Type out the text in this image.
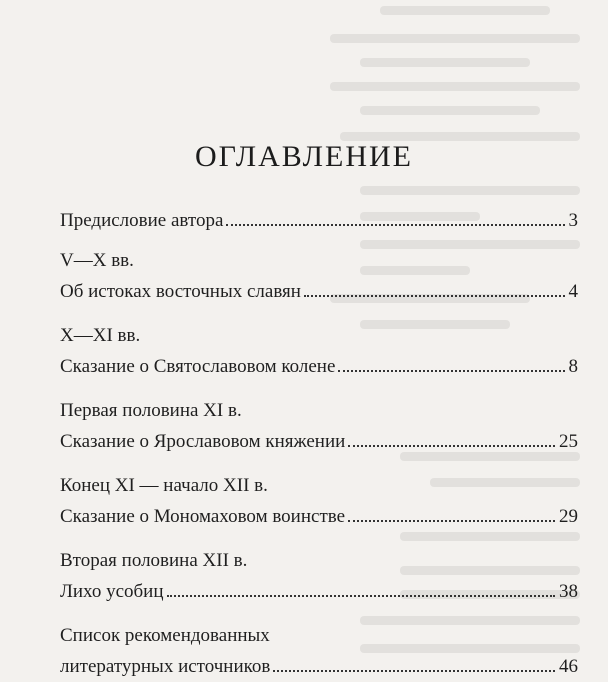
ОГЛАВЛЕНИЕ
Предисловие автора	3
V—X вв.
Об истоках восточных славян	4
X—XI вв.
Сказание о Святославовом колене	8
Первая половина XI в.
Сказание о Ярославовом княжении	25
Конец XI — начало XII в.
Сказание о Мономаховом воинстве	29
Вторая половина XII в.
Лихо усобиц	38
Список рекомендованных
литературных источников	46
